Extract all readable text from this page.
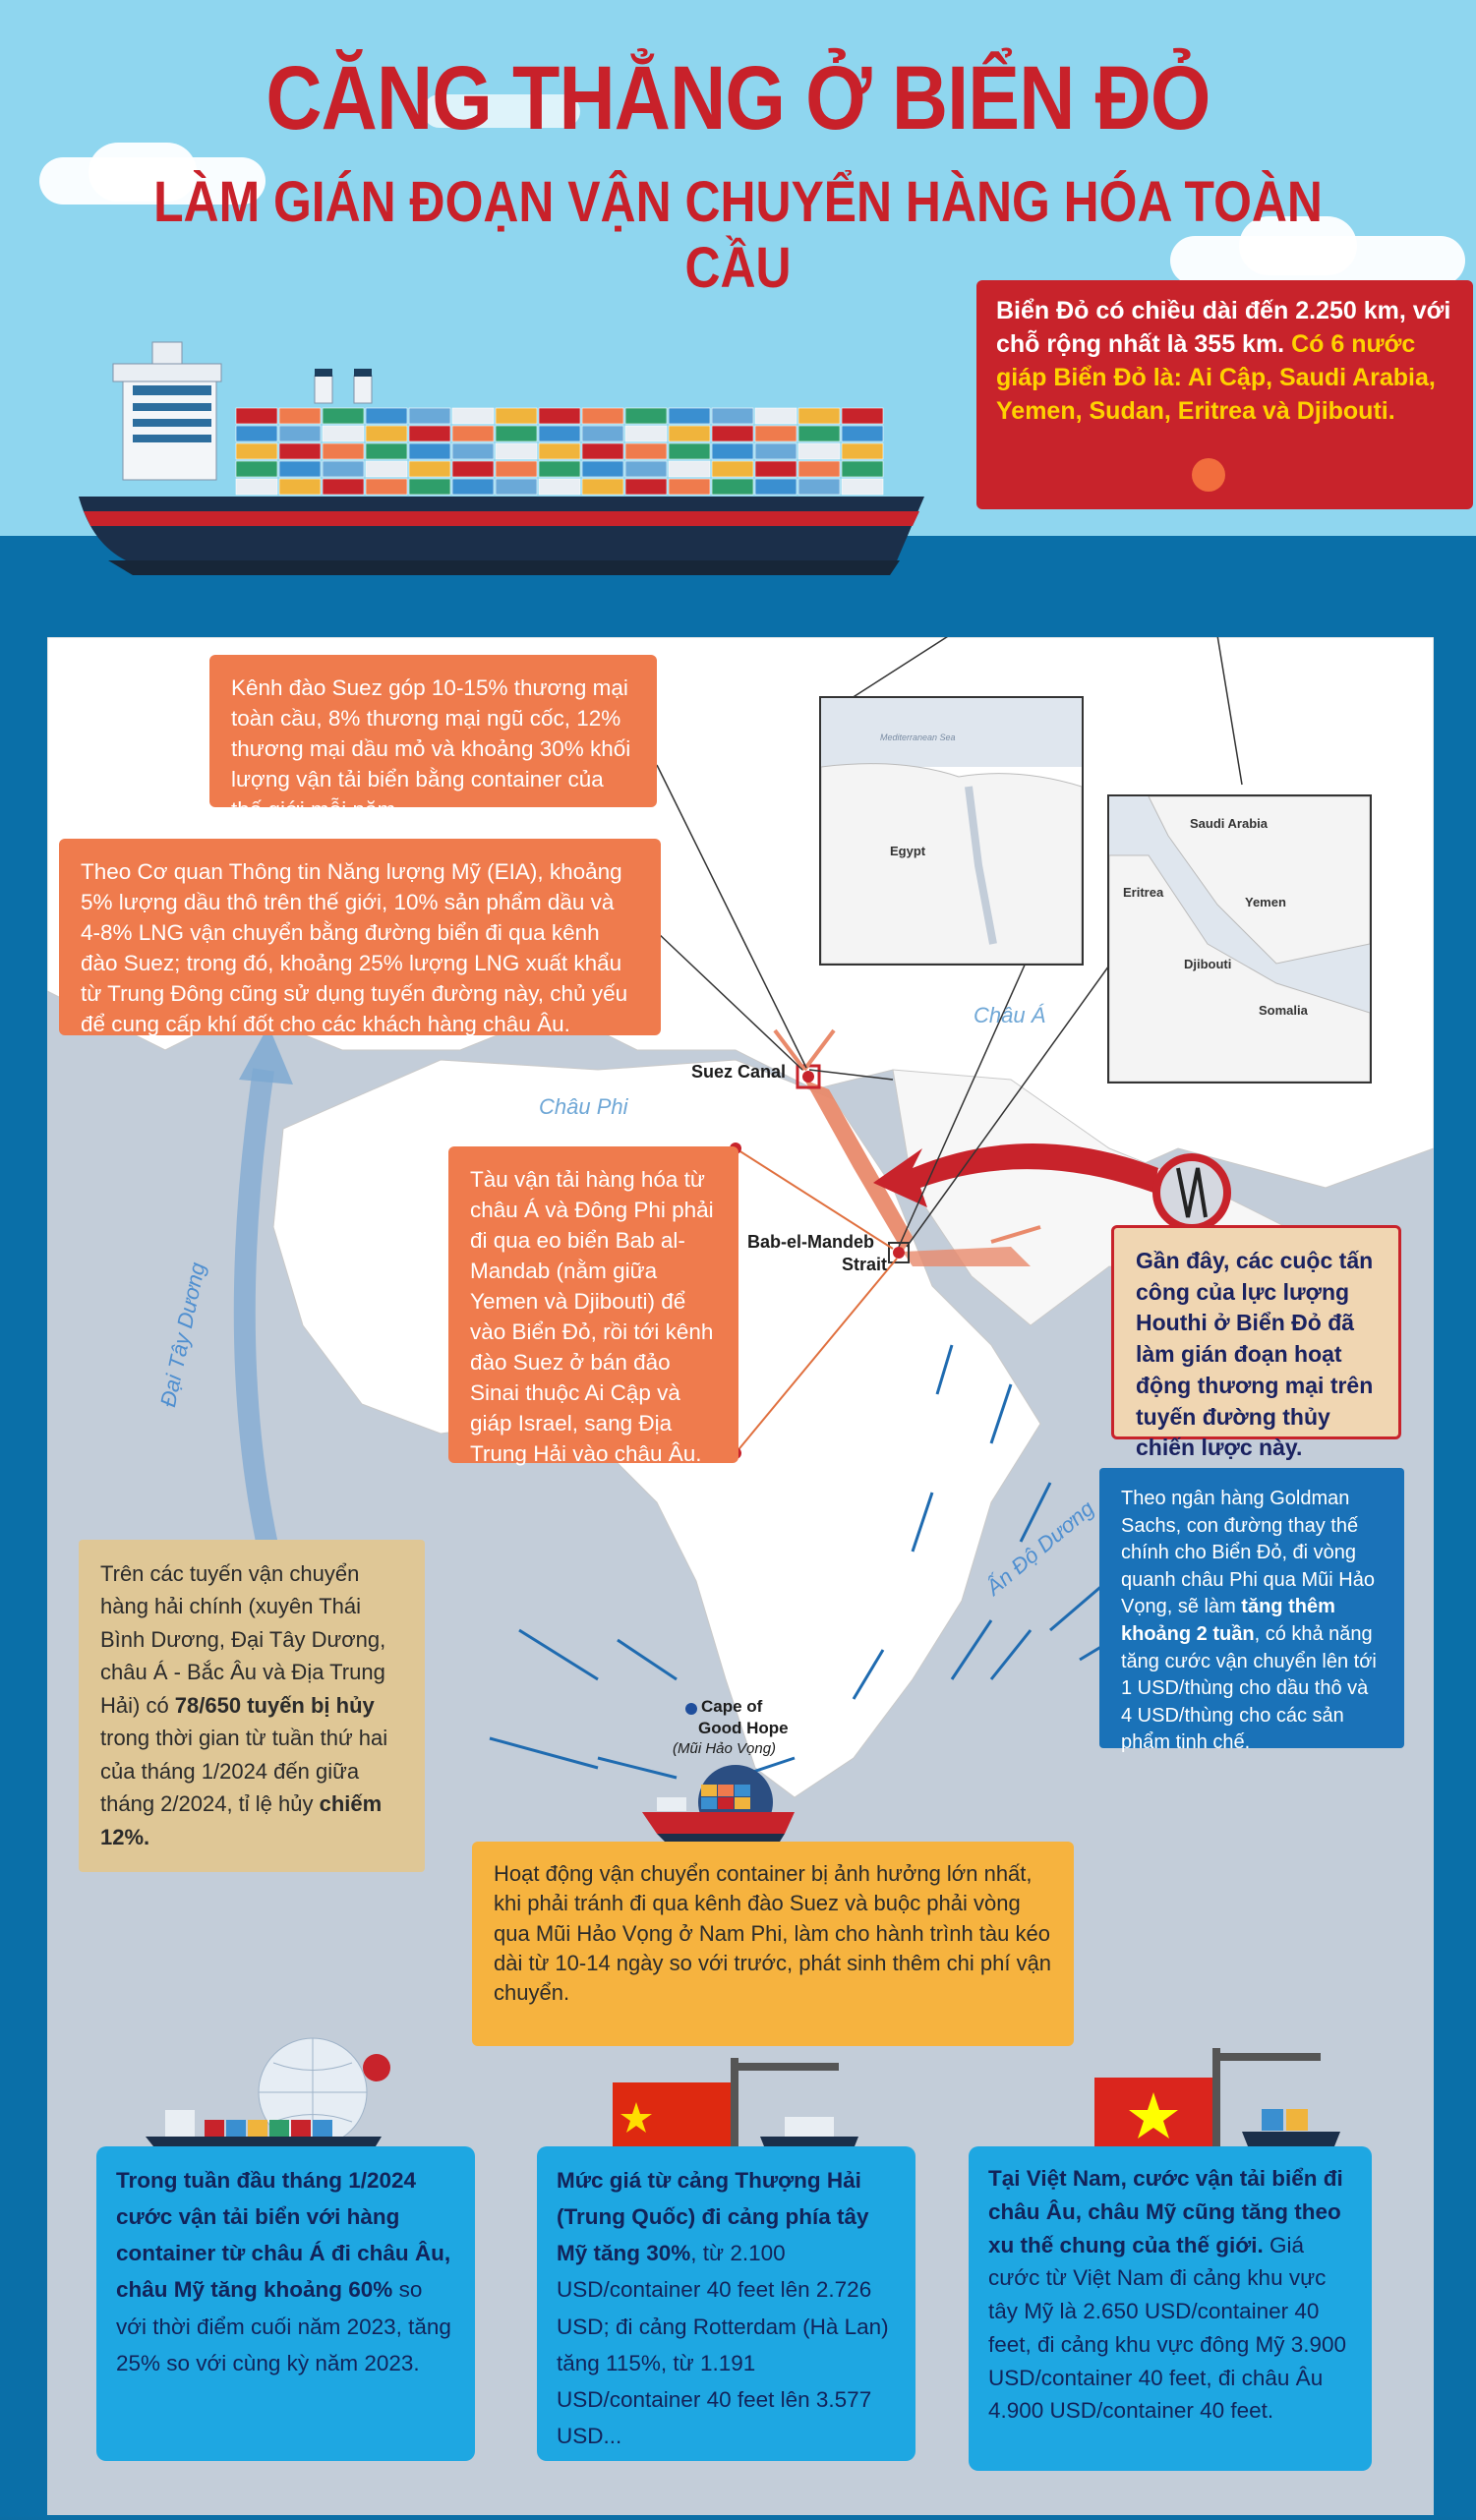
CĂNG THẲNG Ở BIỂN ĐỎ
LÀM GIÁN ĐOẠN VẬN CHUYỂN HÀNG HÓA TOÀN CẦU
Biển Đỏ có chiều dài đến 2.250 km, với chỗ rộng nhất là 355 km. Có 6 nước giáp Biển Đỏ là: Ai Cập, Saudi Arabia, Yemen, Sudan, Eritrea và Djibouti.
Mediterranean Sea
Egypt
Saudi Arabia
Eritrea
Yemen
Djibouti
Somalia
Suez Canal
Bab-el-Mandeb
Strait
Cape of
Good Hope
(Mũi Hảo Vọng)
Châu Á
Châu Phi
Đại Tây Dương
Ấn Độ Dương
Kênh đào Suez góp 10-15% thương mại toàn cầu, 8% thương mại ngũ cốc, 12% thương mại dầu mỏ và khoảng 30% khối lượng vận tải biển bằng container của thế giới mỗi năm.
Theo Cơ quan Thông tin Năng lượng Mỹ (EIA), khoảng 5% lượng dầu thô trên thế giới, 10% sản phẩm dầu và 4-8% LNG vận chuyển bằng đường biển đi qua kênh đào Suez; trong đó, khoảng 25% lượng LNG xuất khẩu từ Trung Đông cũng sử dụng tuyến đường này, chủ yếu để cung cấp khí đốt cho các khách hàng châu Âu.
Tàu vận tải hàng hóa từ châu Á và Đông Phi phải đi qua eo biển Bab al-Mandab (nằm giữa Yemen và Djibouti) để vào Biển Đỏ, rồi tới kênh đào Suez ở bán đảo Sinai thuộc Ai Cập và giáp Israel, sang Địa Trung Hải vào châu Âu.
Gần đây, các cuộc tấn công của lực lượng Houthi ở Biển Đỏ đã làm gián đoạn hoạt động thương mại trên tuyến đường thủy chiến lược này.
Theo ngân hàng Goldman Sachs, con đường thay thế chính cho Biển Đỏ, đi vòng quanh châu Phi qua Mũi Hảo Vọng, sẽ làm tăng thêm khoảng 2 tuần, có khả năng tăng cước vận chuyển lên tới 1 USD/thùng cho dầu thô và 4 USD/thùng cho các sản phẩm tinh chế.
Trên các tuyến vận chuyển hàng hải chính (xuyên Thái Bình Dương, Đại Tây Dương, châu Á - Bắc Âu và Địa Trung Hải) có 78/650 tuyến bị hủy trong thời gian từ tuần thứ hai của tháng 1/2024 đến giữa tháng 2/2024, tỉ lệ hủy chiếm 12%.
Hoạt động vận chuyển container bị ảnh hưởng lớn nhất, khi phải tránh đi qua kênh đào Suez và buộc phải vòng qua Mũi Hảo Vọng ở Nam Phi, làm cho hành trình tàu kéo dài từ 10-14 ngày so với trước, phát sinh thêm chi phí vận chuyển.
Trong tuần đầu tháng 1/2024 cước vận tải biển với hàng container từ châu Á đi châu Âu, châu Mỹ tăng khoảng 60% so với thời điểm cuối năm 2023, tăng 25% so với cùng kỳ năm 2023.
Mức giá từ cảng Thượng Hải (Trung Quốc) đi cảng phía tây Mỹ tăng 30%, từ 2.100 USD/container 40 feet lên 2.726 USD; đi cảng Rotterdam (Hà Lan) tăng 115%, từ 1.191 USD/container 40 feet lên 3.577 USD...
Tại Việt Nam, cước vận tải biển đi châu Âu, châu Mỹ cũng tăng theo xu thế chung của thế giới. Giá cước từ Việt Nam đi cảng khu vực tây Mỹ là 2.650 USD/container 40 feet, đi cảng khu vực đông Mỹ 3.900 USD/container 40 feet, đi châu Âu 4.900 USD/container 40 feet.
